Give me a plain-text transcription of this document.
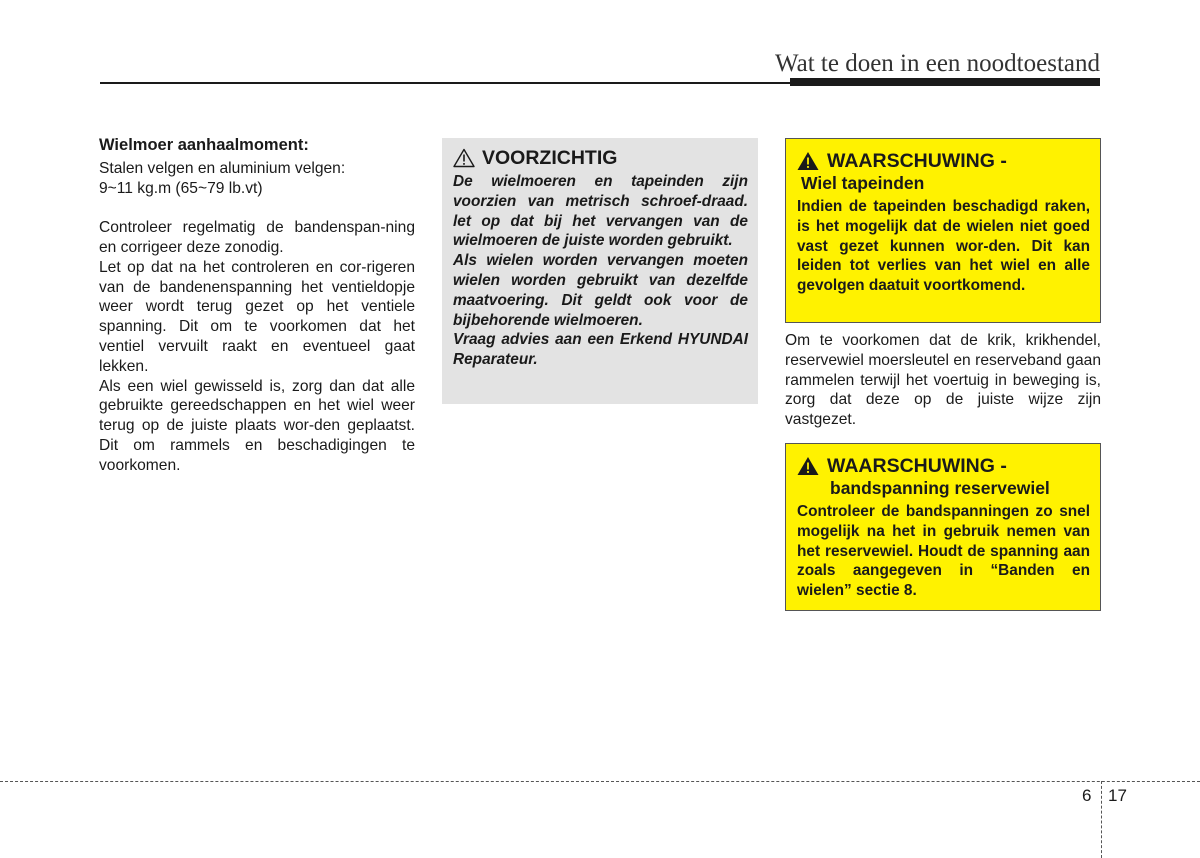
Wat te doen in een noodtoestand
Wielmoer aanhaalmoment:
Stalen velgen en aluminium velgen:
9~11 kg.m (65~79 lb.vt)

Controleer regelmatig de bandenspan-ning en corrigeer deze zonodig.

Let op dat na het controleren en cor-rigeren van de bandenenspanning het ventieldopje weer wordt terug gezet op het ventiele spanning. Dit om te voorkomen dat het ventiel vervuilt raakt en eventueel gaat lekken.

Als een wiel gewisseld is, zorg dan dat alle gebruikte gereedschappen en het wiel weer terug op de juiste plaats wor-den geplaatst. Dit om rammels en beschadigingen te voorkomen.

VOORZICHTIG

De wielmoeren en tapeinden zijn voorzien van metrisch schroef-draad. let op dat bij het vervangen van de wielmoeren de juiste worden gebruikt.

Als wielen worden vervangen moeten wielen worden gebruikt van dezelfde maatvoering. Dit geldt ook voor de bijbehorende wielmoeren.

Vraag advies aan een Erkend HYUNDAI Reparateur.

WAARSCHUWING -
Wiel tapeinden

Indien de tapeinden beschadigd raken, is het mogelijk dat de wielen niet goed vast gezet kunnen wor-den. Dit kan leiden tot verlies van het wiel en alle gevolgen daatuit voortkomend.

Om te voorkomen dat de krik, krikhendel, reservewiel moersleutel en reserveband gaan rammelen terwijl het voertuig in beweging is, zorg dat deze op de juiste wijze zijn vastgezet.

WAARSCHUWING -
bandspanning reservewiel

Controleer de bandspanningen zo snel mogelijk na het in gebruik nemen van het reservewiel. Houdt de spanning aan zoals aangegeven in “Banden en wielen” sectie 8.

6 17
